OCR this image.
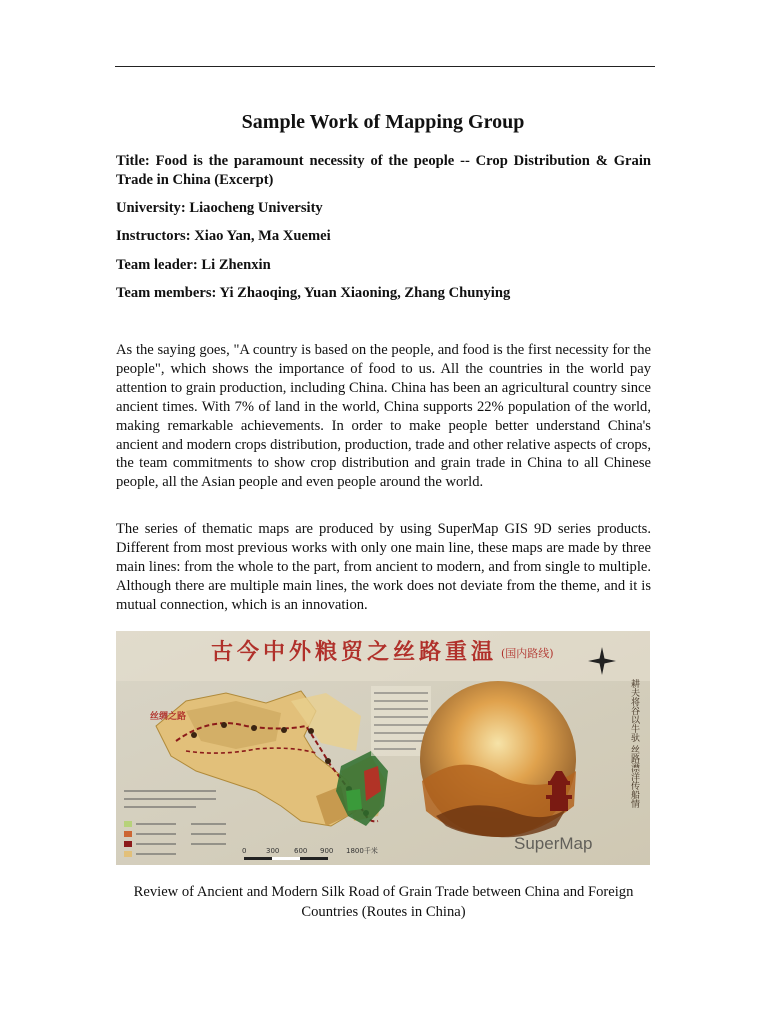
Sample Work of Mapping Group

Title: Food is the paramount necessity of the people -- Crop Distribution & Grain Trade in China (Excerpt)

University: Liaocheng University

Instructors: Xiao Yan, Ma Xuemei

Team leader: Li Zhenxin

Team members: Yi Zhaoqing, Yuan Xiaoning, Zhang Chunying

As the saying goes, "A country is based on the people, and food is the first necessity for the people", which shows the importance of food to us. All the countries in the world pay attention to grain production, including China. China has been an agricultural country since ancient times. With 7% of land in the world, China supports 22% population of the world, making remarkable achievements. In order to make people better understand China's ancient and modern crops distribution, production, trade and other relative aspects of crops, the team commitments to show crop distribution and grain trade in China to all Chinese people, all the Asian people and even people around the world.

The series of thematic maps are produced by using SuperMap GIS 9D series products. Different from most previous works with only one main line, these maps are made by three main lines: from the whole to the part, from ancient to modern, and from single to multiple. Although there are multiple main lines, the work does not deviate from the theme, and it is mutual connection, which is an innovation.

0	300 600 900 1800千米
古今中外粮贸之丝路重温 (国内路线)
丝绸之路	耕夫将谷以牛驮 丝路漂洋传船情
SuperMap

Review of Ancient and Modern Silk Road of Grain Trade between China and Foreign Countries (Routes in China)
